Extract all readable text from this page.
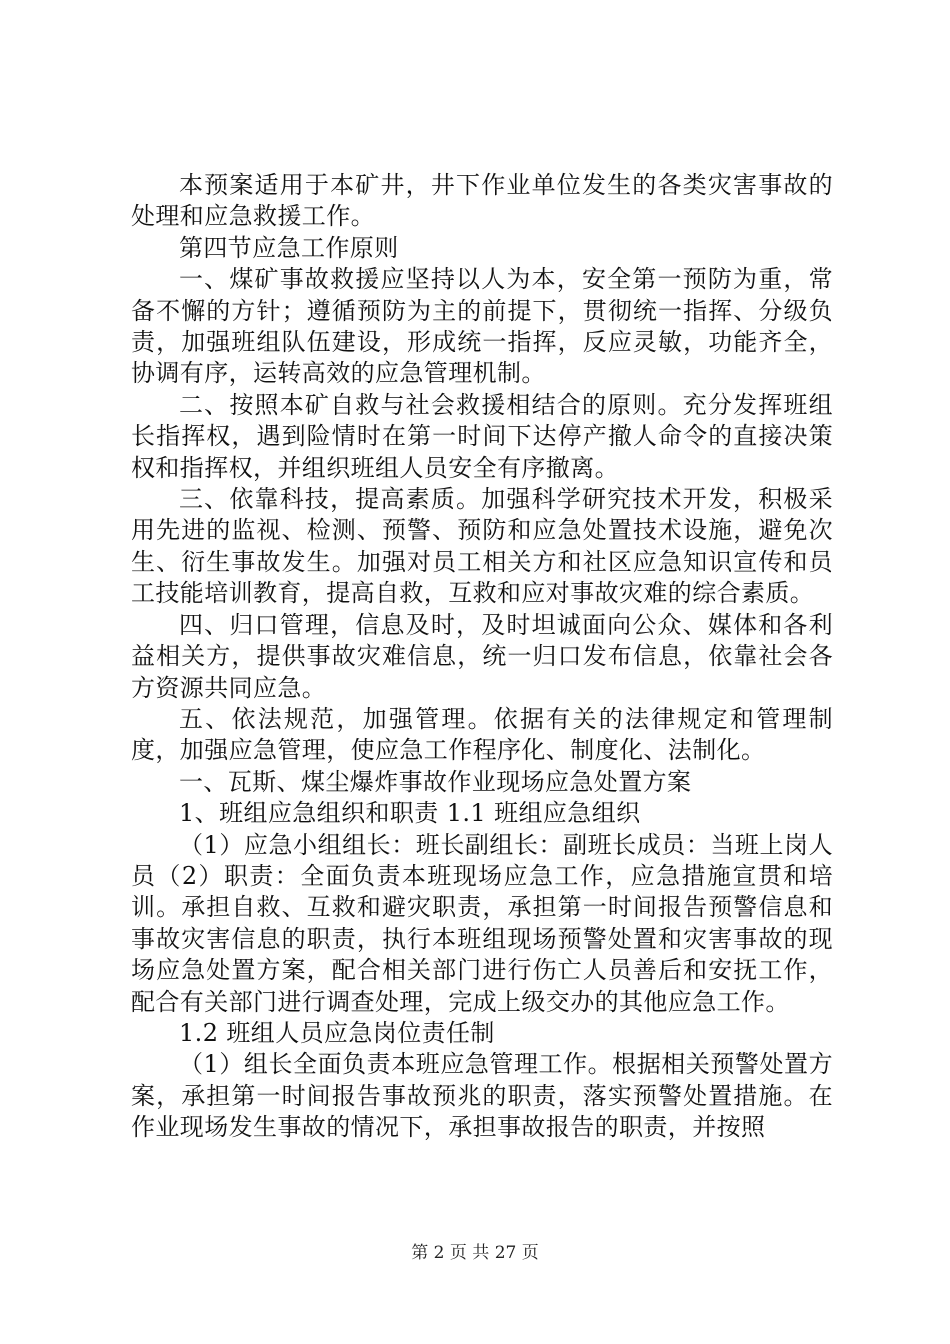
本预案适用于本矿井，井下作业单位发生的各类灾害事故的处理和应急救援工作。

第四节应急工作原则

一、煤矿事故救援应坚持以人为本，安全第一预防为重，常备不懈的方针；遵循预防为主的前提下，贯彻统一指挥、分级负责，加强班组队伍建设，形成统一指挥，反应灵敏，功能齐全，协调有序，运转高效的应急管理机制。

二、按照本矿自救与社会救援相结合的原则。充分发挥班组长指挥权，遇到险情时在第一时间下达停产撤人命令的直接决策权和指挥权，并组织班组人员安全有序撤离。

三、依靠科技，提高素质。加强科学研究技术开发，积极采用先进的监视、检测、预警、预防和应急处置技术设施，避免次生、衍生事故发生。加强对员工相关方和社区应急知识宣传和员工技能培训教育，提高自救，互救和应对事故灾难的综合素质。

四、归口管理，信息及时，及时坦诚面向公众、媒体和各利益相关方，提供事故灾难信息，统一归口发布信息，依靠社会各方资源共同应急。

五、依法规范，加强管理。依据有关的法律规定和管理制度，加强应急管理，使应急工作程序化、制度化、法制化。

一、瓦斯、煤尘爆炸事故作业现场应急处置方案

1、班组应急组织和职责 1.1 班组应急组织

（1）应急小组组长：班长副组长：副班长成员：当班上岗人员（2）职责：全面负责本班现场应急工作，应急措施宣贯和培训。承担自救、互救和避灾职责，承担第一时间报告预警信息和事故灾害信息的职责，执行本班组现场预警处置和灾害事故的现场应急处置方案，配合相关部门进行伤亡人员善后和安抚工作，配合有关部门进行调查处理，完成上级交办的其他应急工作。

1.2 班组人员应急岗位责任制

（1）组长全面负责本班应急管理工作。根据相关预警处置方案，承担第一时间报告事故预兆的职责，落实预警处置措施。在作业现场发生事故的情况下，承担事故报告的职责，并按照

第 2 页 共 27 页
